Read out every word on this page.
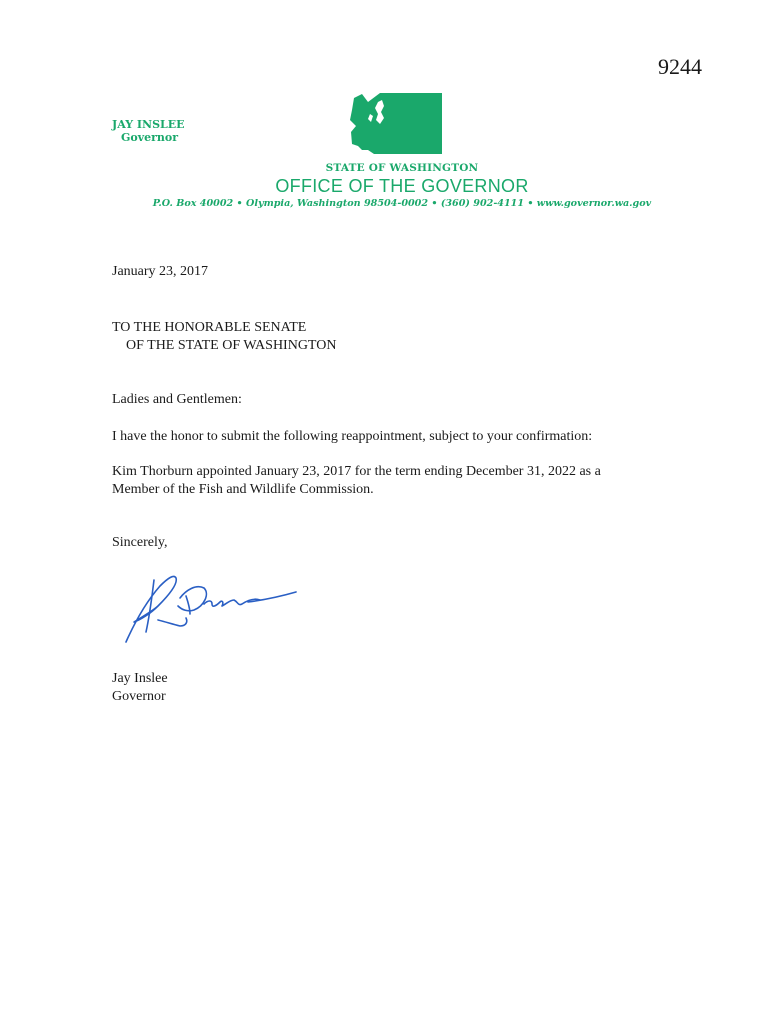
9244
JAY INSLEE
Governor
STATE OF WASHINGTON
OFFICE OF THE GOVERNOR
P.O. Box 40002 • Olympia, Washington 98504-0002 • (360) 902-4111 • www.governor.wa.gov
January 23, 2017
TO THE HONORABLE SENATE
OF THE STATE OF WASHINGTON
Ladies and Gentlemen:
I have the honor to submit the following reappointment, subject to your confirmation:
Kim Thorburn appointed January 23, 2017 for the term ending December 31, 2022 as a
Member of the Fish and Wildlife Commission.
Sincerely,
Jay Inslee
Governor
